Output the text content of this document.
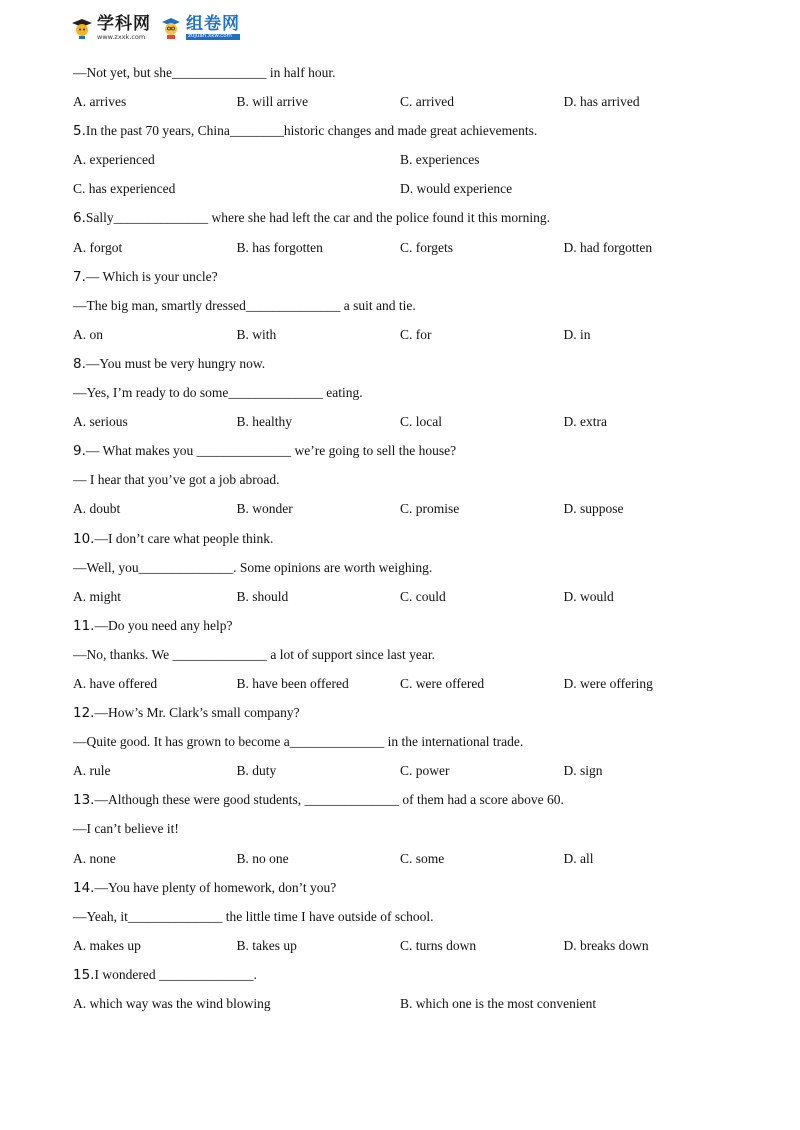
学科网
www.zxxk.com
组卷网
zujuan.xkw.com
—Not yet, but she______________ in half hour.
A. arrives	B. will arrive	C. arrived	D. has arrived
5.In the past 70 years, China________historic changes and made great achievements.
A. experienced	B. experiences
C. has experienced	D. would experience
6.Sally______________ where she had left the car and the police found it this morning.
A. forgot	B. has forgotten	C. forgets	D. had forgotten
7.— Which is your uncle?
—The big man, smartly dressed______________ a suit and tie.
A. on	B. with	C. for	D. in
8.—You must be very hungry now.
—Yes, I’m ready to do some______________ eating.
A. serious	B. healthy	C. local	D. extra
9.— What makes you ______________ we’re going to sell the house?
— I hear that you’ve got a job abroad.
A. doubt	B. wonder	C. promise	D. suppose
10.—I don’t care what people think.
—Well, you______________. Some opinions are worth weighing.
A. might	B. should	C. could	D. would
11.—Do you need any help?
—No, thanks. We ______________ a lot of support since last year.
A. have offered	B. have been offered	C. were offered	D. were offering
12.—How’s Mr. Clark’s small company?
—Quite good. It has grown to become a______________ in the international trade.
A. rule	B. duty	C. power	D. sign
13.—Although these were good students, ______________ of them had a score above 60.
—I can’t believe it!
A. none	B. no one	C. some	D. all
14.—You have plenty of homework, don’t you?
—Yeah, it______________ the little time I have outside of school.
A. makes up	B. takes up	C. turns down	D. breaks down
15.I wondered ______________.
A. which way was the wind blowing	B. which one is the most convenient
